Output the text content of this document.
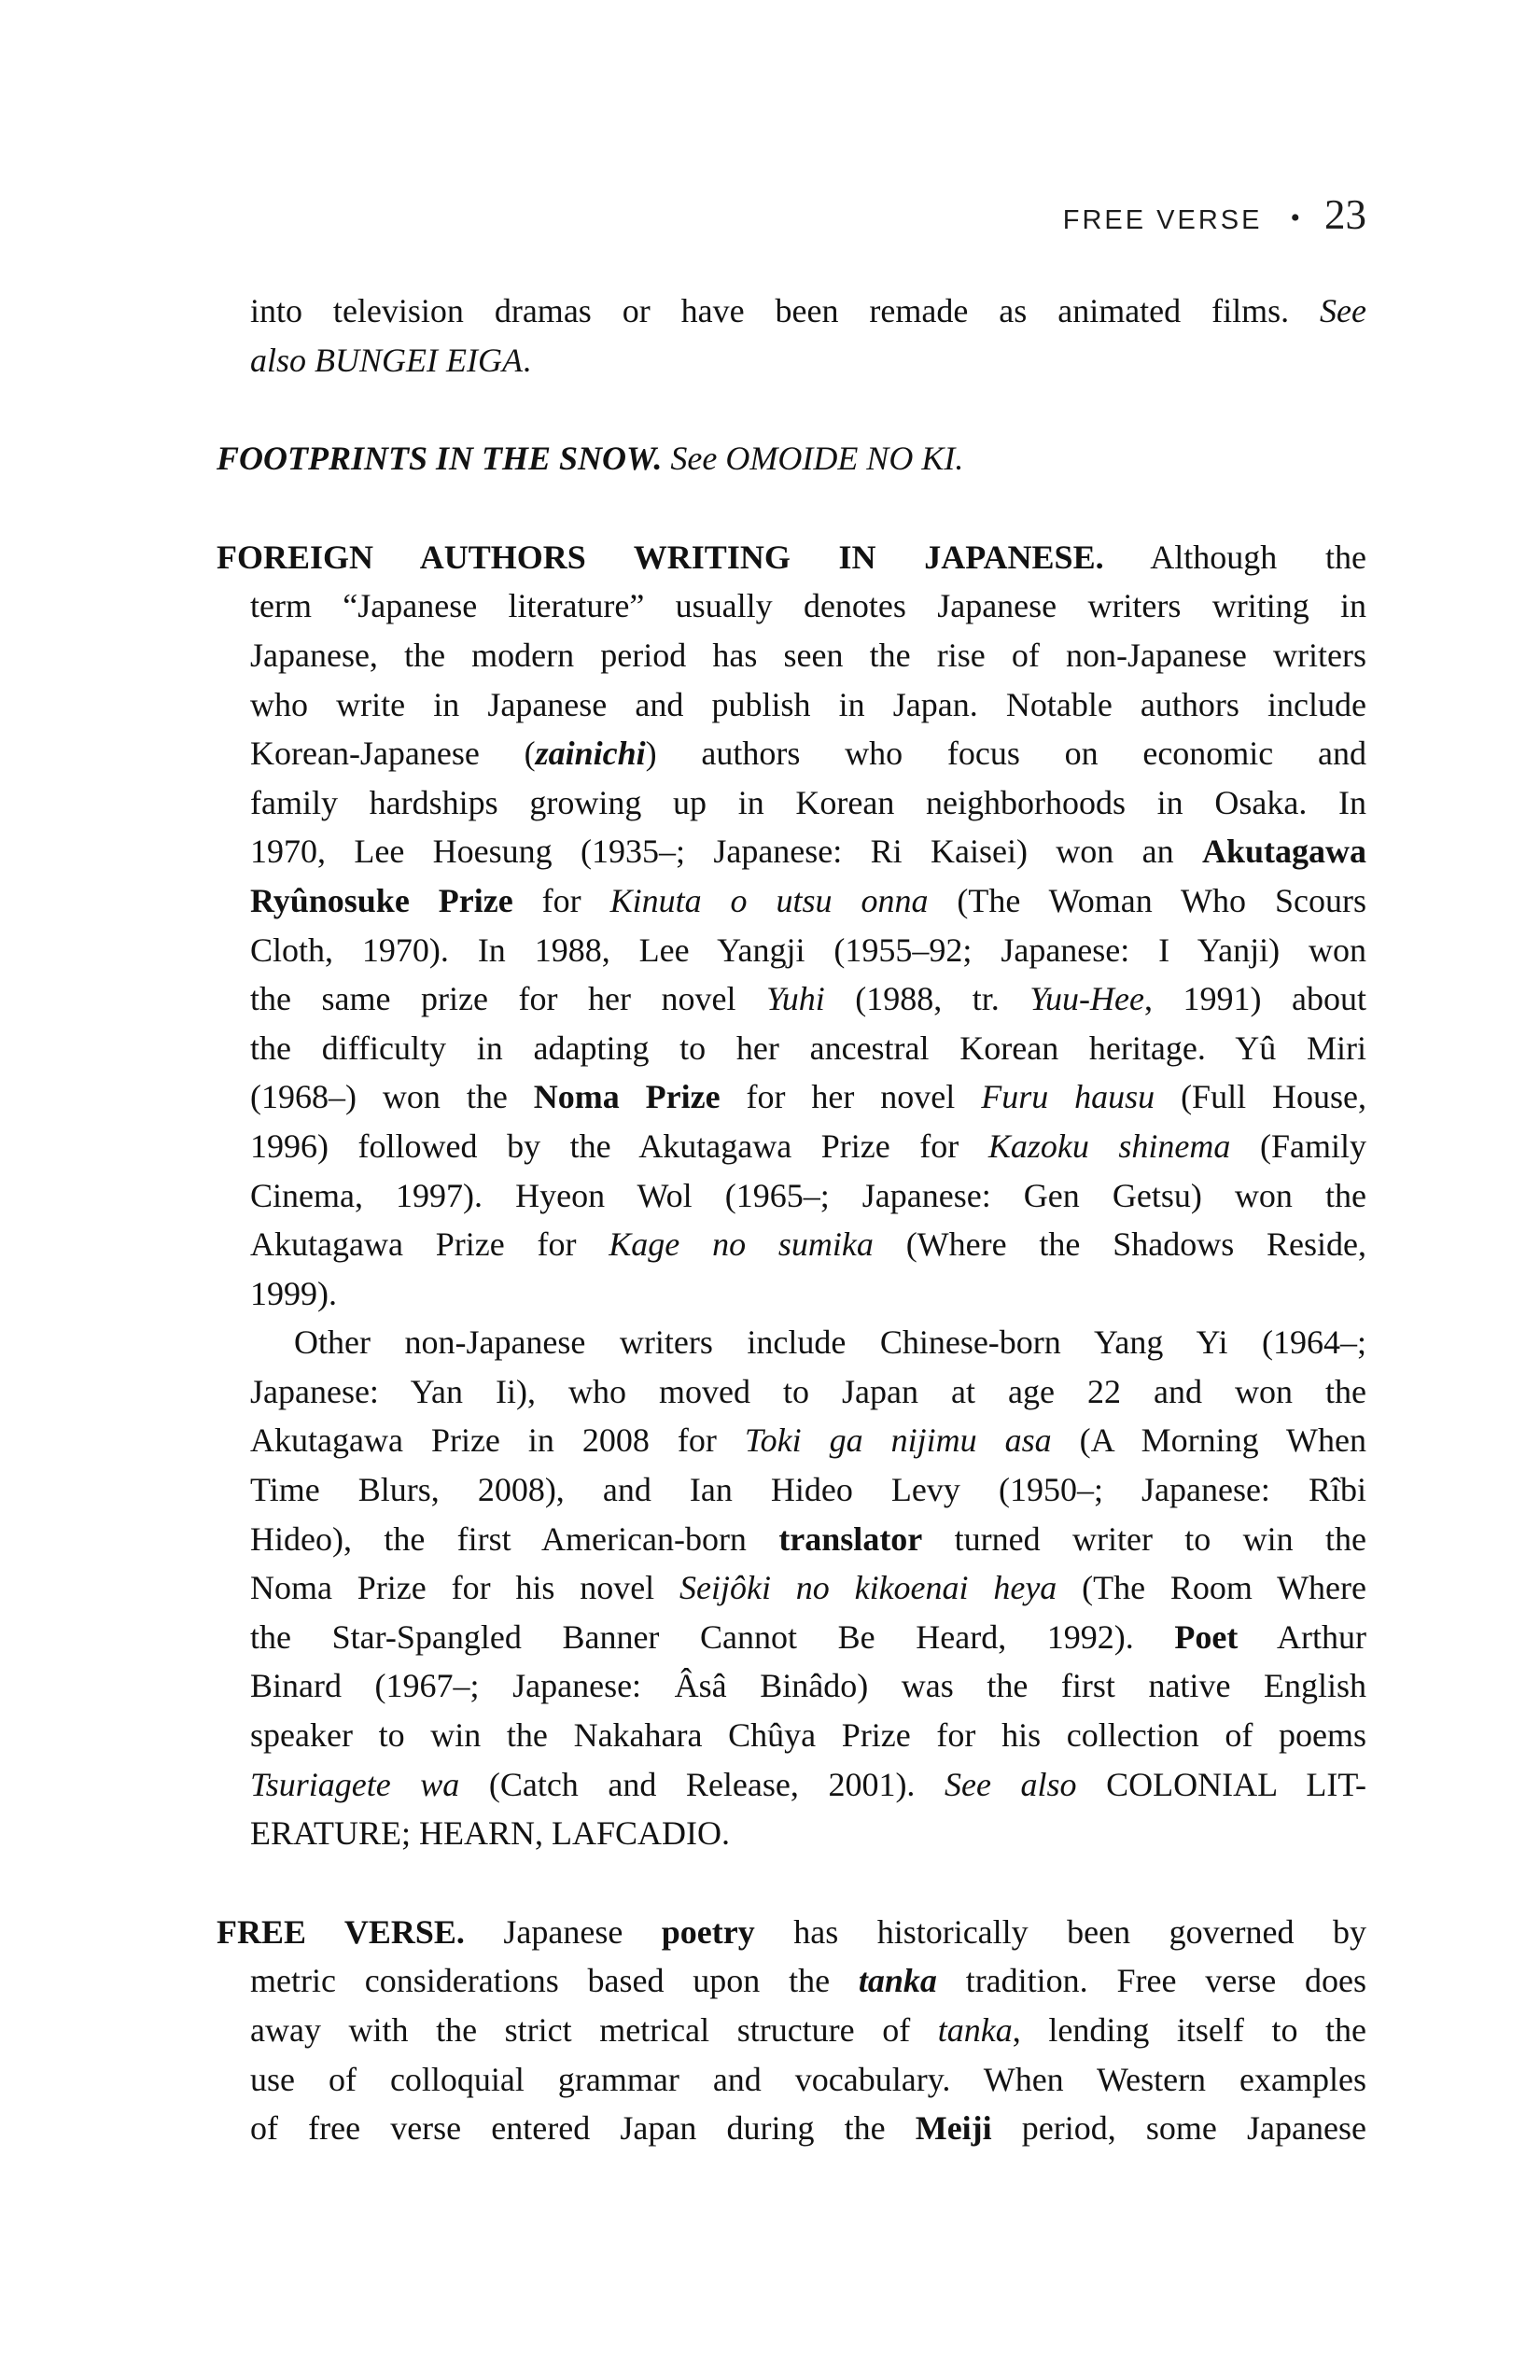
FREE VERSE • 23
into television dramas or have been remade as animated films. See
also BUNGEI EIGA.
FOOTPRINTS IN THE SNOW. See OMOIDE NO KI.
FOREIGN AUTHORS WRITING IN JAPANESE. Although the
term “Japanese literature” usually denotes Japanese writers writing in
Japanese, the modern period has seen the rise of non-Japanese writers
who write in Japanese and publish in Japan. Notable authors include
Korean-Japanese (zainichi) authors who focus on economic and
family hardships growing up in Korean neighborhoods in Osaka. In
1970, Lee Hoesung (1935–; Japanese: Ri Kaisei) won an Akutagawa
Ryûnosuke Prize for Kinuta o utsu onna (The Woman Who Scours
Cloth, 1970). In 1988, Lee Yangji (1955–92; Japanese: I Yanji) won
the same prize for her novel Yuhi (1988, tr. Yuu-Hee, 1991) about
the difficulty in adapting to her ancestral Korean heritage. Yû Miri
(1968–) won the Noma Prize for her novel Furu hausu (Full House,
1996) followed by the Akutagawa Prize for Kazoku shinema (Family
Cinema, 1997). Hyeon Wol (1965–; Japanese: Gen Getsu) won the
Akutagawa Prize for Kage no sumika (Where the Shadows Reside,
1999).
Other non-Japanese writers include Chinese-born Yang Yi (1964–;
Japanese: Yan Ii), who moved to Japan at age 22 and won the
Akutagawa Prize in 2008 for Toki ga nijimu asa (A Morning When
Time Blurs, 2008), and Ian Hideo Levy (1950–; Japanese: Rîbi
Hideo), the first American-born translator turned writer to win the
Noma Prize for his novel Seijôki no kikoenai heya (The Room Where
the Star-Spangled Banner Cannot Be Heard, 1992). Poet Arthur
Binard (1967–; Japanese: Âsâ Binâdo) was the first native English
speaker to win the Nakahara Chûya Prize for his collection of poems
Tsuriagete wa (Catch and Release, 2001). See also COLONIAL LIT-
ERATURE; HEARN, LAFCADIO.
FREE VERSE. Japanese poetry has historically been governed by
metric considerations based upon the tanka tradition. Free verse does
away with the strict metrical structure of tanka, lending itself to the
use of colloquial grammar and vocabulary. When Western examples
of free verse entered Japan during the Meiji period, some Japanese
